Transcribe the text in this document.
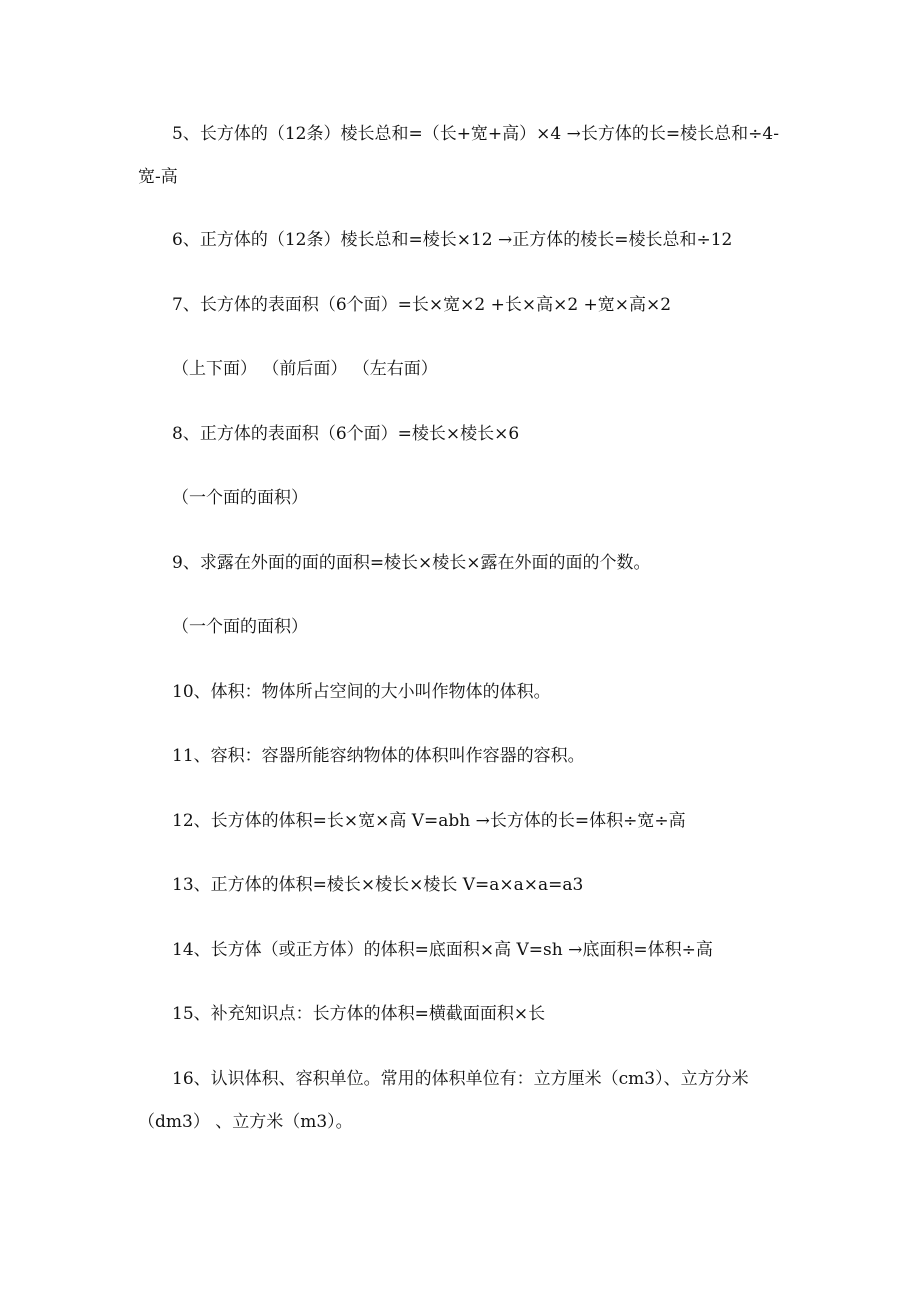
5、长方体的（12条）棱长总和=（长+宽+高）×4 →长方体的长=棱长总和÷4-宽-高
6、正方体的（12条）棱长总和=棱长×12 →正方体的棱长=棱长总和÷12
7、长方体的表面积（6个面）=长×宽×2 +长×高×2 +宽×高×2
（上下面） （前后面） （左右面）
8、正方体的表面积（6个面）=棱长×棱长×6
（一个面的面积）
9、求露在外面的面的面积=棱长×棱长×露在外面的面的个数。
（一个面的面积）
10、体积：物体所占空间的大小叫作物体的体积。
11、容积：容器所能容纳物体的体积叫作容器的容积。
12、长方体的体积=长×宽×高 V=abh →长方体的长=体积÷宽÷高
13、正方体的体积=棱长×棱长×棱长 V=a×a×a=a3
14、长方体（或正方体）的体积=底面积×高 V=sh →底面积=体积÷高
15、补充知识点：长方体的体积=横截面面积×长
16、认识体积、容积单位。常用的体积单位有：立方厘米（cm3）、立方分米（dm3） 、立方米（m3）。
